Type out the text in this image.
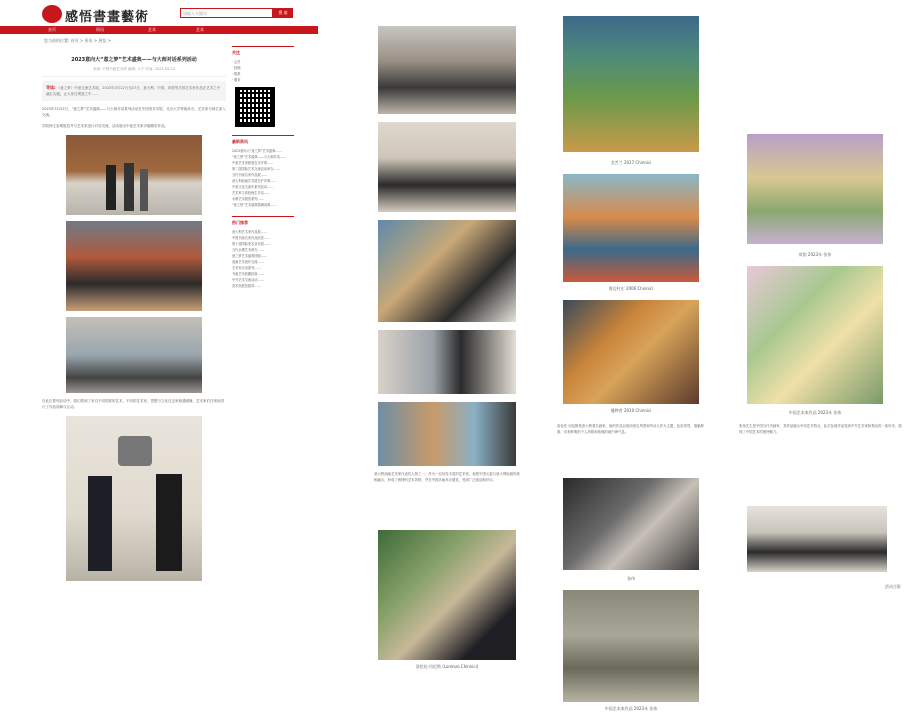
感悟書畫藝術	请输入关键词	搜 索
首页	资讯	艺术	艺术
您当前的位置: 首页 > 资讯 > 展览 >
2023意向大“意之梦”艺术盛典——与大师对话系列活动
来源: 中国书画艺术网 编辑: 小千 时间: 2023-03-22
导读: 《意之梦》中意交流艺术展，2023年3月22日至27日，意大利、中国、印度等多国艺术家作品在艺术之中融汇沟通，让大家在观展之中……
2023年3月22日，“意之梦”艺术盛典——与大师对话系列活动在中国美术学院、北京大学等地举办，艺术家与师生深入交流。
学院师生参观展览并与艺术家进行对话交流，活动展出中意艺术家多幅精彩作品。
在此次系列活动中，我们看到了来自不同国度的艺术，不同的艺术家，思想与文化在这里相遇碰撞，艺术家们在现场进行了作品讲解与互动。
关注
· 会员
· 投稿
· 联系
· 服务
最新资讯
2023意向大“意之梦”艺术盛典……
“意之梦”艺术盛典——与大师对话……
中意艺术家联展在京开幕……
第二届国际艺术交流活动举办……
当代书画名家作品展……
意大利油画艺术展在沪开幕……
中意文化交流年系列活动……
艺术家与高校师生对话……
水墨艺术展览系列……
“意之梦”艺术盛典圆满闭幕……
热门推荐
意大利艺术家作品展……
中国书画名家作品欣赏……
第十届国际美术双年展……
当代水墨艺术研究……
意之梦艺术盛典回顾……
油画艺术创作交流……
艺术家访谈系列……
书画艺术收藏指南……
中外艺术交流活动……
美术馆展览推荐……
意大利油画艺术家代表性人物之一，作为一位经验丰富的艺术家，他把中国元素与意大利绘画传统相融合，形成了独特的艺术风格，并在中国多地举办展览，受到广泛欢迎和好评。
洛伦佐·切尼斯 (Lorenzo Chinnici)
龙舌兰 2017 Chinnici
海边村庄 2006 Chinnici
播种者 2010 Chinnici
洛伦佐·切尼斯是意大利著名画家，他的作品以西西里岛风景和劳动人民为主题，色彩浓烈，笔触厚重，具有鲜明的个人风格和浓郁的地中海气息。
张伟
中国艺术家作品 2023年 张伟
荷韵 2023年 张伟
中国艺术家作品 2023年 张伟
张伟先生是中国当代书画家，其作品融合中西艺术特点，此次参展作品受到中外艺术家和观众的一致好评，展现了中国艺术的独特魅力。
活动合影
